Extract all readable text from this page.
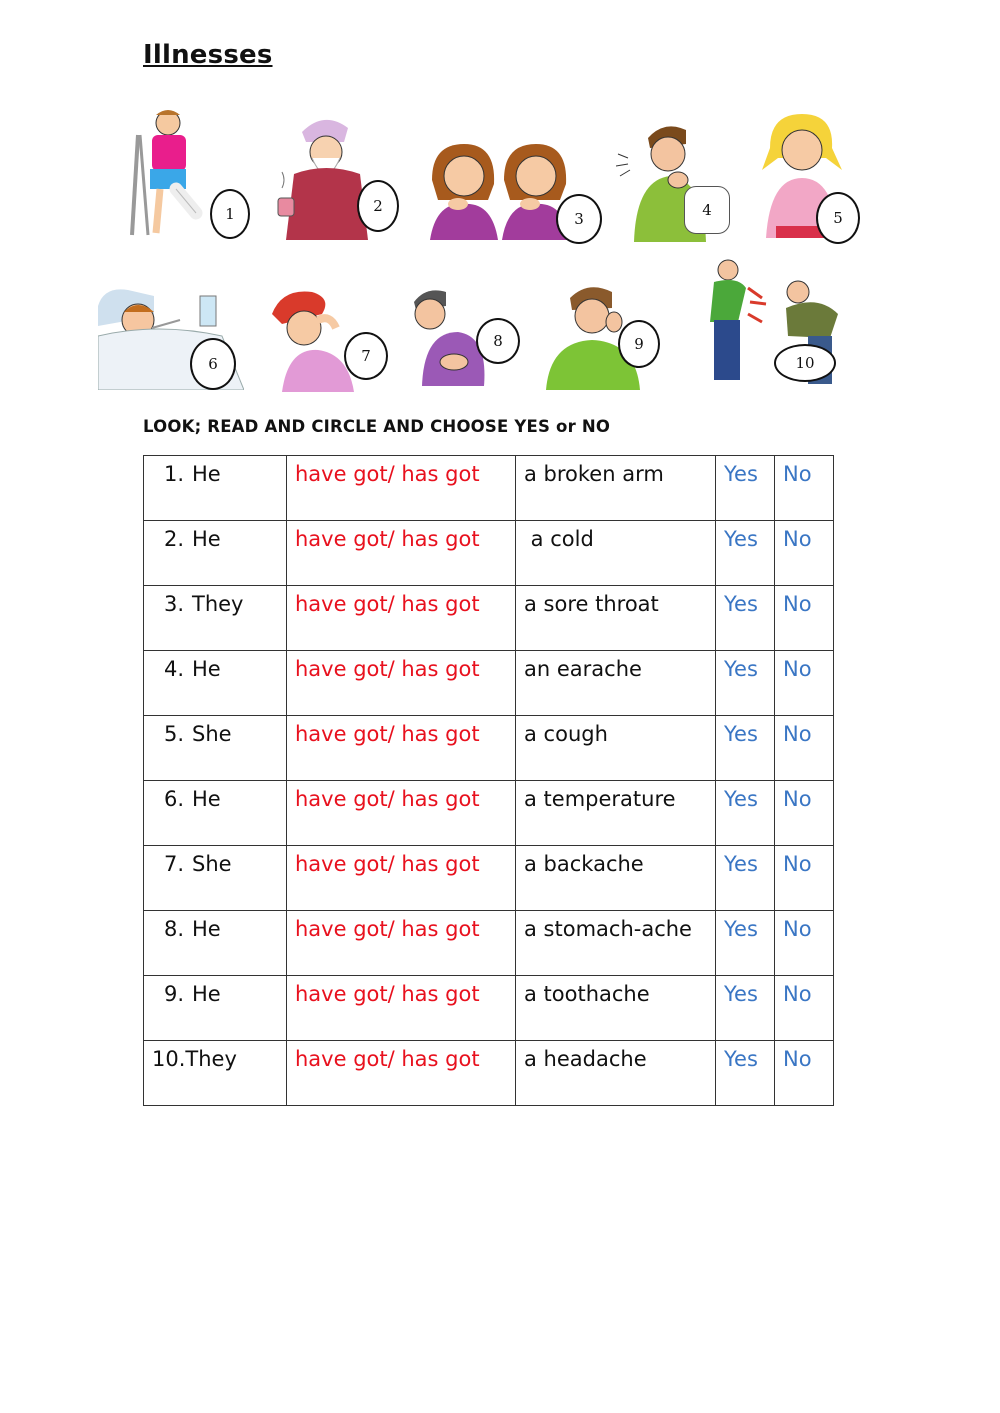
Illnesses
1	2
3	4	5
6	7
8	9
10
LOOK; READ AND CIRCLE AND CHOOSE YES or NO
1. He	have got/ has got	a broken arm	Yes	No
2. He	have got/ has got	a cold	Yes	No
3. They	have got/ has got	a sore throat	Yes	No
4. He	have got/ has got	an earache	Yes	No
5. She	have got/ has got	a cough	Yes	No
6. He	have got/ has got	a temperature	Yes	No
7. She	have got/ has got	a backache	Yes	No
8. He	have got/ has got	a stomach-ache	Yes	No
9. He	have got/ has got	a toothache	Yes	No
10.They	have got/ has got	a headache	Yes	No
